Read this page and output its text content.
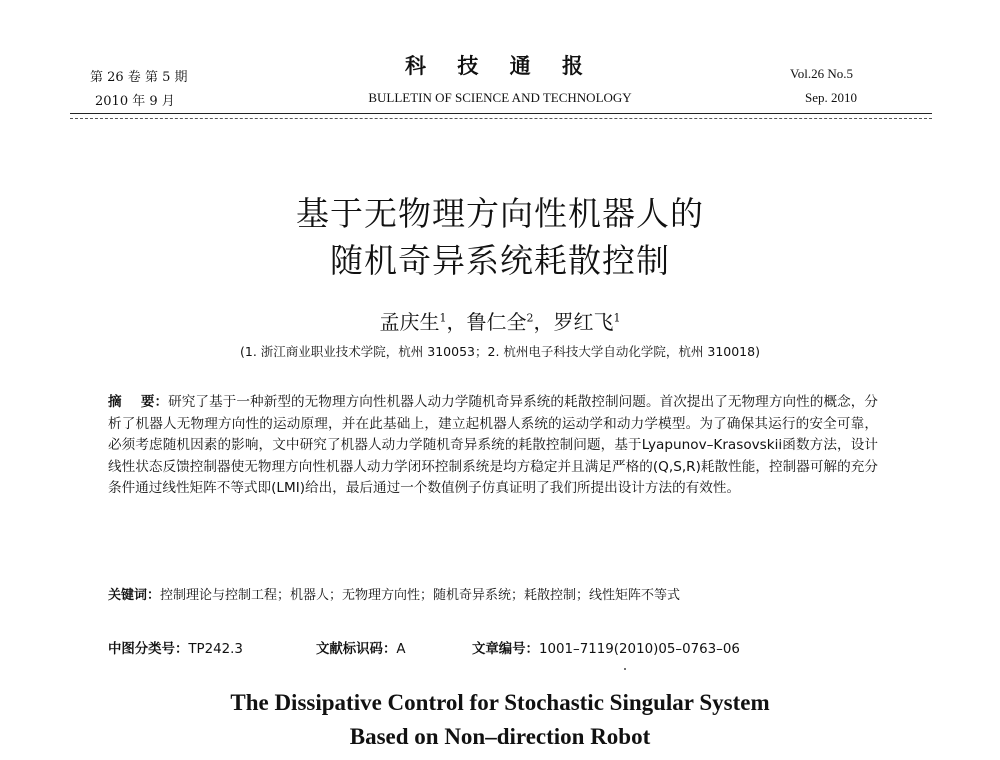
第 26 卷 第 5 期
2010 年 9 月
科 技 通 报
BULLETIN OF SCIENCE AND TECHNOLOGY
Vol.26 No.5
Sep. 2010
基于无物理方向性机器人的
随机奇异系统耗散控制
孟庆生$^1$，鲁仁全$^2$，罗红飞$^1$
(1. 浙江商业职业技术学院，杭州 310053；2. 杭州电子科技大学自动化学院，杭州 310018)
摘    要：研究了基于一种新型的无物理方向性机器人动力学随机奇异系统的耗散控制问题。首次提出了无物理方向性的概念，分析了机器人无物理方向性的运动原理，并在此基础上，建立起机器人系统的运动学和动力学模型。为了确保其运行的安全可靠，必须考虑随机因素的影响，文中研究了机器人动力学随机奇异系统的耗散控制问题，基于Lyapunov–Krasovskii函数方法，设计线性状态反馈控制器使无物理方向性机器人动力学闭环控制系统是均方稳定并且满足严格的(Q,S,R)耗散性能，控制器可解的充分条件通过线性矩阵不等式即(LMI)给出，最后通过一个数值例子仿真证明了我们所提出设计方法的有效性。
关键词：控制理论与控制工程；机器人；无物理方向性；随机奇异系统；耗散控制；线性矩阵不等式
中图分类号：TP242.3	文献标识码：A	文章编号：1001–7119(2010)05–0763–06
The Dissipative Control for Stochastic Singular System
Based on Non–direction Robot
